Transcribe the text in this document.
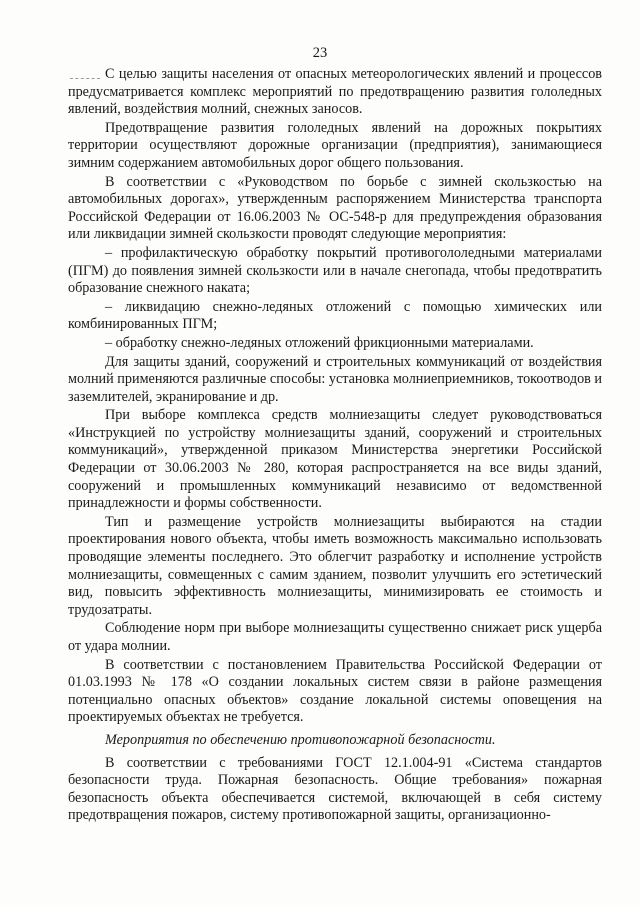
23

С целью защиты населения от опасных метеорологических явлений и процессов предусматривается комплекс мероприятий по предотвращению развития гололедных явлений, воздействия молний, снежных заносов.

Предотвращение развития гололедных явлений на дорожных покрытиях территории осуществляют дорожные организации (предприятия), занимающиеся зимним содержанием автомобильных дорог общего пользования.

В соответствии с «Руководством по борьбе с зимней скользкостью на автомобильных дорогах», утвержденным распоряжением Министерства транспорта Российской Федерации от 16.06.2003 № ОС-548-р для предупреждения образования или ликвидации зимней скользкости проводят следующие мероприятия:

– профилактическую обработку покрытий противогололедными материалами (ПГМ) до появления зимней скользкости или в начале снегопада, чтобы предотвратить образование снежного наката;

– ликвидацию снежно-ледяных отложений с помощью химических или комбинированных ПГМ;

– обработку снежно-ледяных отложений фрикционными материалами.

Для защиты зданий, сооружений и строительных коммуникаций от воздействия молний применяются различные способы: установка молниеприемников, токоотводов и заземлителей, экранирование и др.

При выборе комплекса средств молниезащиты следует руководствоваться «Инструкцией по устройству молниезащиты зданий, сооружений и строительных коммуникаций», утвержденной приказом Министерства энергетики Российской Федерации от 30.06.2003 № 280, которая распространяется на все виды зданий, сооружений и промышленных коммуникаций независимо от ведомственной принадлежности и формы собственности.

Тип и размещение устройств молниезащиты выбираются на стадии проектирования нового объекта, чтобы иметь возможность максимально использовать проводящие элементы последнего. Это облегчит разработку и исполнение устройств молниезащиты, совмещенных с самим зданием, позволит улучшить его эстетический вид, повысить эффективность молниезащиты, минимизировать ее стоимость и трудозатраты.

Соблюдение норм при выборе молниезащиты существенно снижает риск ущерба от удара молнии.

В соответствии с постановлением Правительства Российской Федерации от 01.03.1993 № 178 «О создании локальных систем связи в районе размещения потенциально опасных объектов» создание локальной системы оповещения на проектируемых объектах не требуется.

Мероприятия по обеспечению противопожарной безопасности.

В соответствии с требованиями ГОСТ 12.1.004-91 «Система стандартов безопасности труда. Пожарная безопасность. Общие требования» пожарная безопасность объекта обеспечивается системой, включающей в себя систему предотвращения пожаров, систему противопожарной защиты, организационно-
